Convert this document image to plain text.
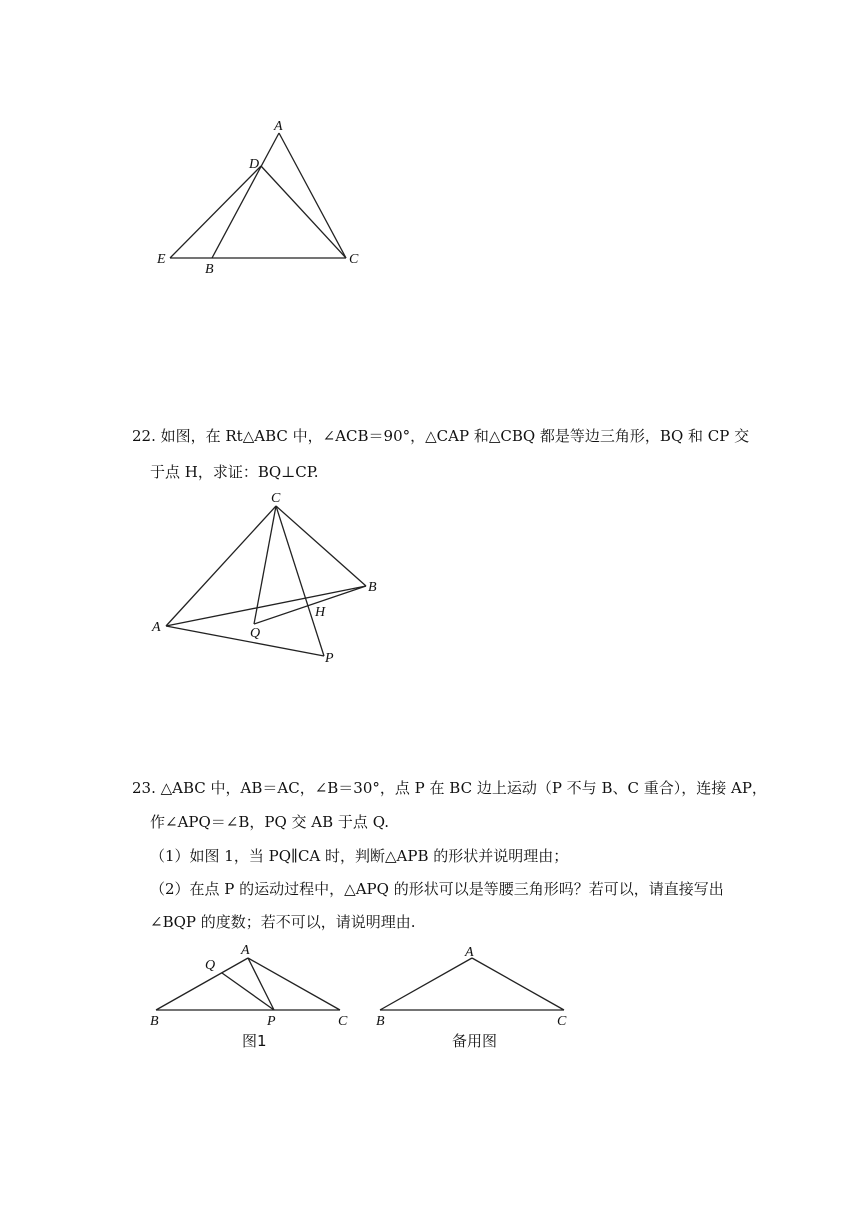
A
D
E
B
C
22. 如图，在 Rt△ABC 中，∠ACB＝90°，△CAP 和△CBQ 都是等边三角形，BQ 和 CP 交
于点 H，求证：BQ⊥CP.
C
B
A
H
Q
P
23. △ABC 中，AB＝AC，∠B＝30°，点 P 在 BC 边上运动（P 不与 B、C 重合），连接 AP，
作∠APQ＝∠B，PQ 交 AB 于点 Q.
（1）如图 1，当 PQ∥CA 时，判断△APB 的形状并说明理由；
（2）在点 P 的运动过程中，△APQ 的形状可以是等腰三角形吗？若可以，请直接写出
∠BQP 的度数；若不可以，请说明理由.
A
Q
B	P	C
图1
A
B	C
备用图
